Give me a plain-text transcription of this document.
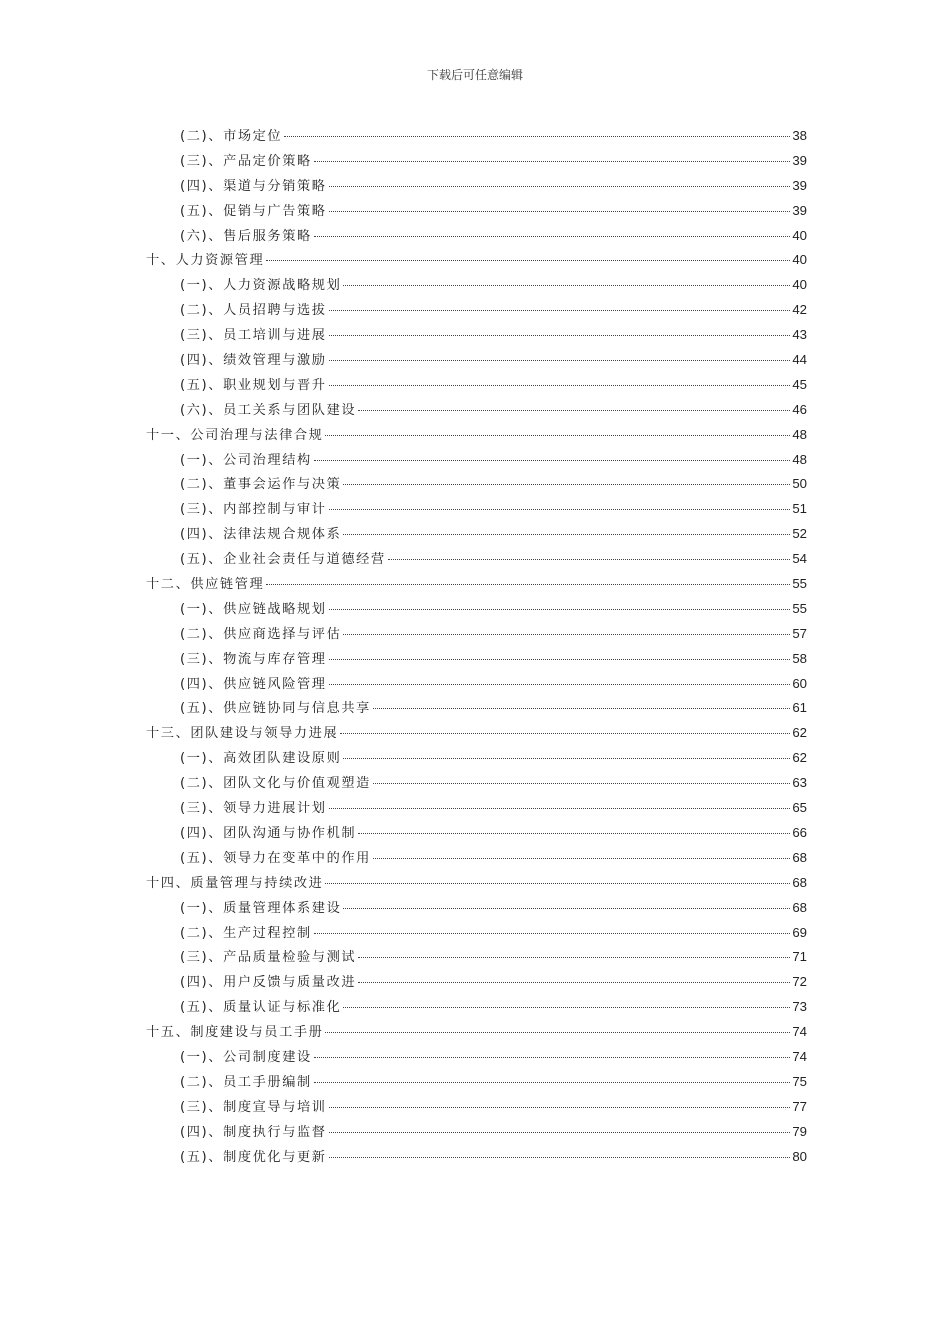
下载后可任意编辑
(二)、市场定位	38
(三)、产品定价策略	39
(四)、渠道与分销策略	39
(五)、促销与广告策略	39
(六)、售后服务策略	40
十、人力资源管理	40
(一)、人力资源战略规划	40
(二)、人员招聘与选拔	42
(三)、员工培训与进展	43
(四)、绩效管理与激励	44
(五)、职业规划与晋升	45
(六)、员工关系与团队建设	46
十一、公司治理与法律合规	48
(一)、公司治理结构	48
(二)、董事会运作与决策	50
(三)、内部控制与审计	51
(四)、法律法规合规体系	52
(五)、企业社会责任与道德经营	54
十二、供应链管理	55
(一)、供应链战略规划	55
(二)、供应商选择与评估	57
(三)、物流与库存管理	58
(四)、供应链风险管理	60
(五)、供应链协同与信息共享	61
十三、团队建设与领导力进展	62
(一)、高效团队建设原则	62
(二)、团队文化与价值观塑造	63
(三)、领导力进展计划	65
(四)、团队沟通与协作机制	66
(五)、领导力在变革中的作用	68
十四、质量管理与持续改进	68
(一)、质量管理体系建设	68
(二)、生产过程控制	69
(三)、产品质量检验与测试	71
(四)、用户反馈与质量改进	72
(五)、质量认证与标准化	73
十五、制度建设与员工手册	74
(一)、公司制度建设	74
(二)、员工手册编制	75
(三)、制度宣导与培训	77
(四)、制度执行与监督	79
(五)、制度优化与更新	80
